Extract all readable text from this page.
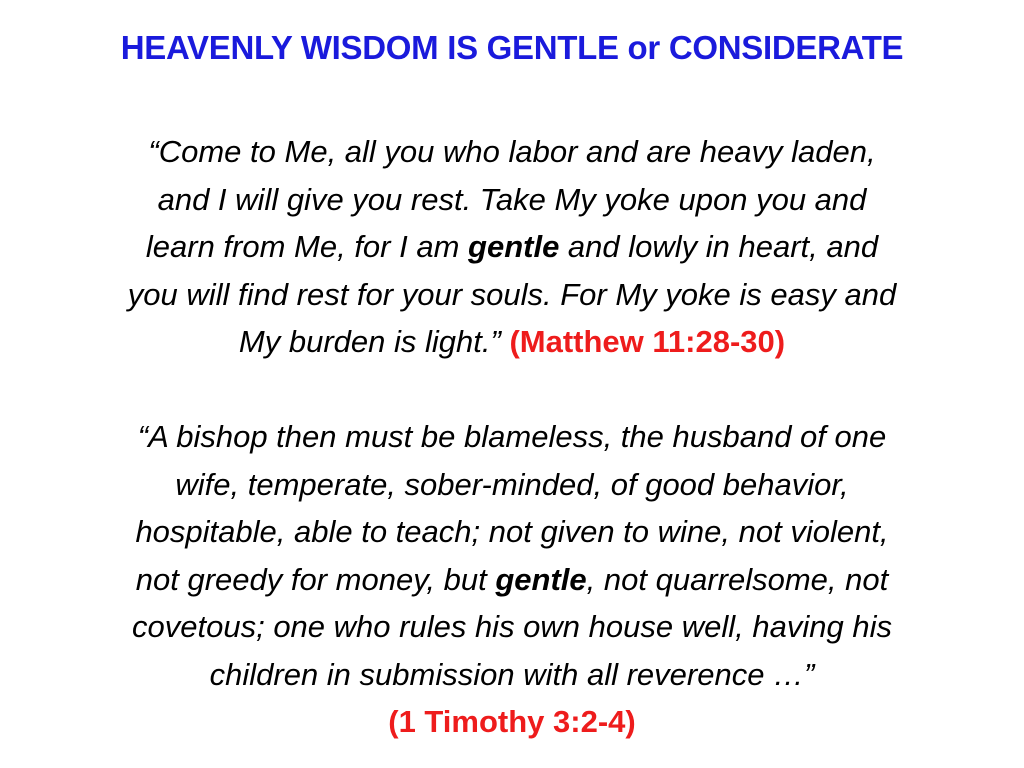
HEAVENLY WISDOM IS GENTLE or CONSIDERATE

“Come to Me, all you who labor and are heavy laden,
and I will give you rest. Take My yoke upon you and
learn from Me, for I am gentle and lowly in heart, and
you will find rest for your souls. For My yoke is easy and
My burden is light.” (Matthew 11:28-30)

“A bishop then must be blameless, the husband of one
wife, temperate, sober-minded, of good behavior,
hospitable, able to teach; not given to wine, not violent,
not greedy for money, but gentle, not quarrelsome, not
covetous; one who rules his own house well, having his
children in submission with all reverence …”
(1 Timothy 3:2-4)
